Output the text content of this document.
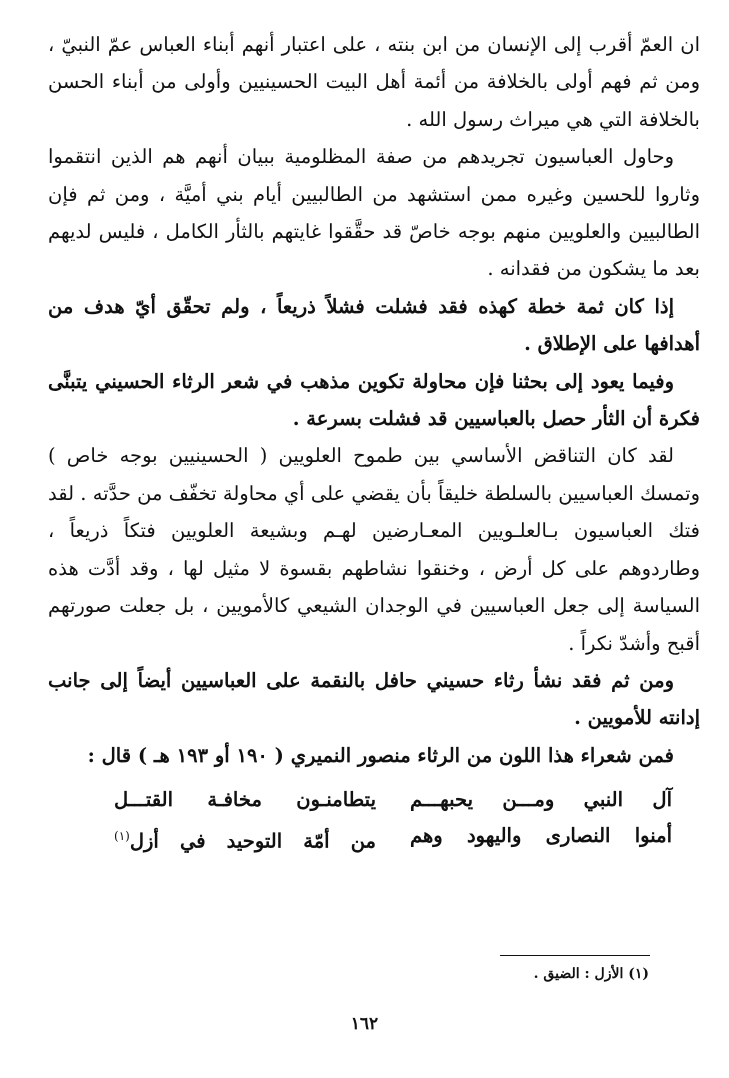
ان العمّ أقرب إلى الإنسان من ابن بنته ، على اعتبار أنهم أبناء العباس عمّ النبيّ ، ومن ثم فهم أولى بالخلافة من أئمة أهل البيت الحسينيين وأولى من أبناء الحسن بالخلافة التي هي ميراث رسول الله .

وحاول العباسيون تجريدهم من صفة المظلومية ببيان أنهم هم الذين انتقموا وثاروا للحسين وغيره ممن استشهد من الطالبيين أيام بني أميَّة ، ومن ثم فإن الطالبيين والعلويين منهم بوجه خاصّ قد حقَّقوا غايتهم بالثأر الكامل ، فليس لديهم بعد ما يشكون من فقدانه .

إذا كان ثمة خطة كهذه فقد فشلت فشلاً ذريعاً ، ولم تحقّق أيّ هدف من أهدافها على الإطلاق .

وفيما يعود إلى بحثنا فإن محاولة تكوين مذهب في شعر الرثاء الحسيني يتبنَّى فكرة أن الثأر حصل بالعباسيين قد فشلت بسرعة .

لقد كان التناقض الأساسي بين طموح العلويين ( الحسينيين بوجه خاص ) وتمسك العباسيين بالسلطة خليقاً بأن يقضي على أي محاولة تخفّف من حدَّته . لقد فتك العباسيون بـالعلـويين المعـارضين لهـم وبشيعة العلويين فتكاً ذريعاً ، وطاردوهم على كل أرض ، وخنقوا نشاطهم بقسوة لا مثيل لها ، وقد أدَّت هذه السياسة إلى جعل العباسيين في الوجدان الشيعي كالأمويين ، بل جعلت صورتهم أقبح وأشدّ نكراً .

ومن ثم فقد نشأ رثاء حسيني حافل بالنقمة على العباسيين أيضاً إلى جانب إدانته للأمويين .

فمن شعراء هذا اللون من الرثاء منصور النميري ( ١٩٠ أو ١٩٣ هـ ) قال :

آل النبي ومـــن يحبهـــم
يتطامنـون مخافـة القتـــل
أمنوا النصارى واليهود وهم
من أمّة التوحيد في أزل$^{(١)}$
(١) الأزل : الضيق .
١٦٢
